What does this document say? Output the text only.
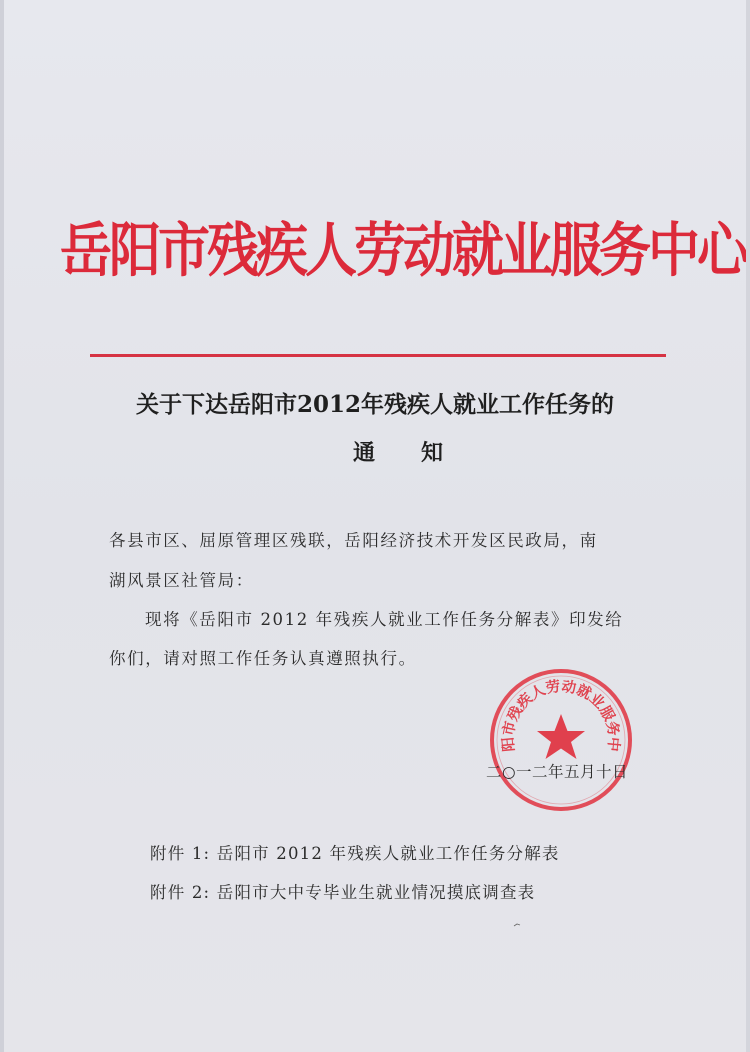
岳阳市残疾人劳动就业服务中心
关于下达岳阳市2012年残疾人就业工作任务的
通知
各县市区、屈原管理区残联，岳阳经济技术开发区民政局，南
湖风景区社管局：
现将《岳阳市 2012 年残疾人就业工作任务分解表》印发给
你们，请对照工作任务认真遵照执行。
阳市残疾人劳动就业服务中
二○一二年五月十日
附件 1: 岳阳市 2012 年残疾人就业工作任务分解表
附件 2: 岳阳市大中专毕业生就业情况摸底调查表
